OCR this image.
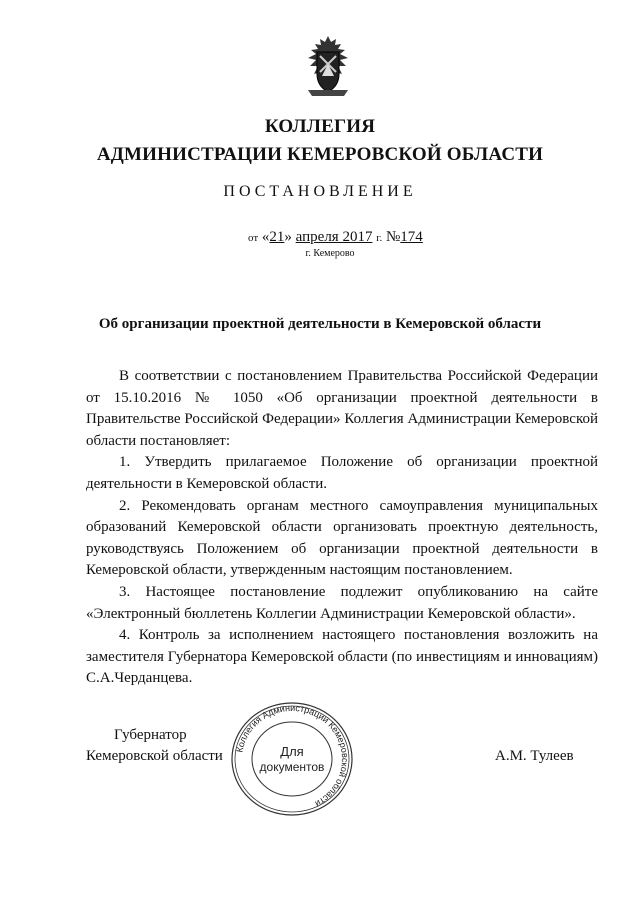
КОЛЛЕГИЯ
АДМИНИСТРАЦИИ КЕМЕРОВСКОЙ ОБЛАСТИ
ПОСТАНОВЛЕНИЕ
от «21» апреля 2017 г. №174
г. Кемерово
Об организации проектной деятельности в Кемеровской области

В соответствии с постановлением Правительства Российской Федерации от 15.10.2016 № 1050 «Об организации проектной деятельности в Правительстве Российской Федерации» Коллегия Администрации Кемеровской области постановляет:

1. Утвердить прилагаемое Положение об организации проектной деятельности в Кемеровской области.

2. Рекомендовать органам местного самоуправления муниципальных образований Кемеровской области организовать проектную деятельность, руководствуясь Положением об организации проектной деятельности в Кемеровской области, утвержденным настоящим постановлением.

3. Настоящее постановление подлежит опубликованию на сайте «Электронный бюллетень Коллегии Администрации Кемеровской области».

4. Контроль за исполнением настоящего постановления возложить на заместителя Губернатора Кемеровской области (по инвестициям и инновациям) С.А.Черданцева.

Губернатор
Кемеровской области	А.М. Тулеев
Коллегия Администрации Кемеровской области
Для
документов
